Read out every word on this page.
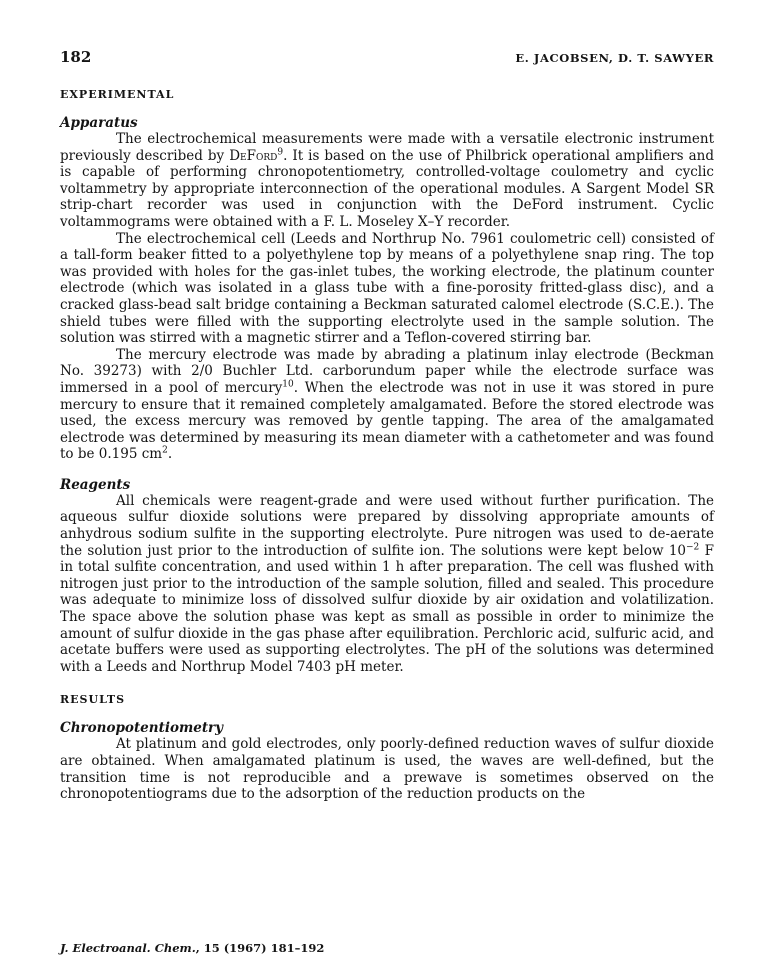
182	E. JACOBSEN, D. T. SAWYER
EXPERIMENTAL
Apparatus

The electrochemical measurements were made with a versatile electronic instrument previously described by DeFord$^9$. It is based on the use of Philbrick operational amplifiers and is capable of performing chronopotentiometry, controlled-voltage coulometry and cyclic voltammetry by appropriate interconnection of the operational modules. A Sargent Model SR strip-chart recorder was used in conjunction with the DeFord instrument. Cyclic voltammograms were obtained with a F. L. Moseley X–Y recorder.

The electrochemical cell (Leeds and Northrup No. 7961 coulometric cell) consisted of a tall-form beaker fitted to a polyethylene top by means of a polyethylene snap ring. The top was provided with holes for the gas-inlet tubes, the working electrode, the platinum counter electrode (which was isolated in a glass tube with a fine-porosity fritted-glass disc), and a cracked glass-bead salt bridge containing a Beckman saturated calomel electrode (S.C.E.). The shield tubes were filled with the supporting electrolyte used in the sample solution. The solution was stirred with a magnetic stirrer and a Teflon-covered stirring bar.

The mercury electrode was made by abrading a platinum inlay electrode (Beckman No. 39273) with 2/0 Buchler Ltd. carborundum paper while the electrode surface was immersed in a pool of mercury$^{10}$. When the electrode was not in use it was stored in pure mercury to ensure that it remained completely amalgamated. Before the stored electrode was used, the excess mercury was removed by gentle tapping. The area of the amalgamated electrode was determined by measuring its mean diameter with a cathetometer and was found to be 0.195 $cm^2$.

Reagents

All chemicals were reagent-grade and were used without further purification. The aqueous sulfur dioxide solutions were prepared by dissolving appropriate amounts of anhydrous sodium sulfite in the supporting electrolyte. Pure nitrogen was used to de-aerate the solution just prior to the introduction of sulfite ion. The solutions were kept below $10^{-2}$ F in total sulfite concentration, and used within 1 h after preparation. The cell was flushed with nitrogen just prior to the introduction of the sample solution, filled and sealed. This procedure was adequate to minimize loss of dissolved sulfur dioxide by air oxidation and volatilization. The space above the solution phase was kept as small as possible in order to minimize the amount of sulfur dioxide in the gas phase after equilibration. Perchloric acid, sulfuric acid, and acetate buffers were used as supporting electrolytes. The pH of the solutions was determined with a Leeds and Northrup Model 7403 pH meter.

RESULTS
Chronopotentiometry

At platinum and gold electrodes, only poorly-defined reduction waves of sulfur dioxide are obtained. When amalgamated platinum is used, the waves are well-defined, but the transition time is not reproducible and a prewave is sometimes observed on the chronopotentiograms due to the adsorption of the reduction products on the

J. Electroanal. Chem., 15 (1967) 181–192
